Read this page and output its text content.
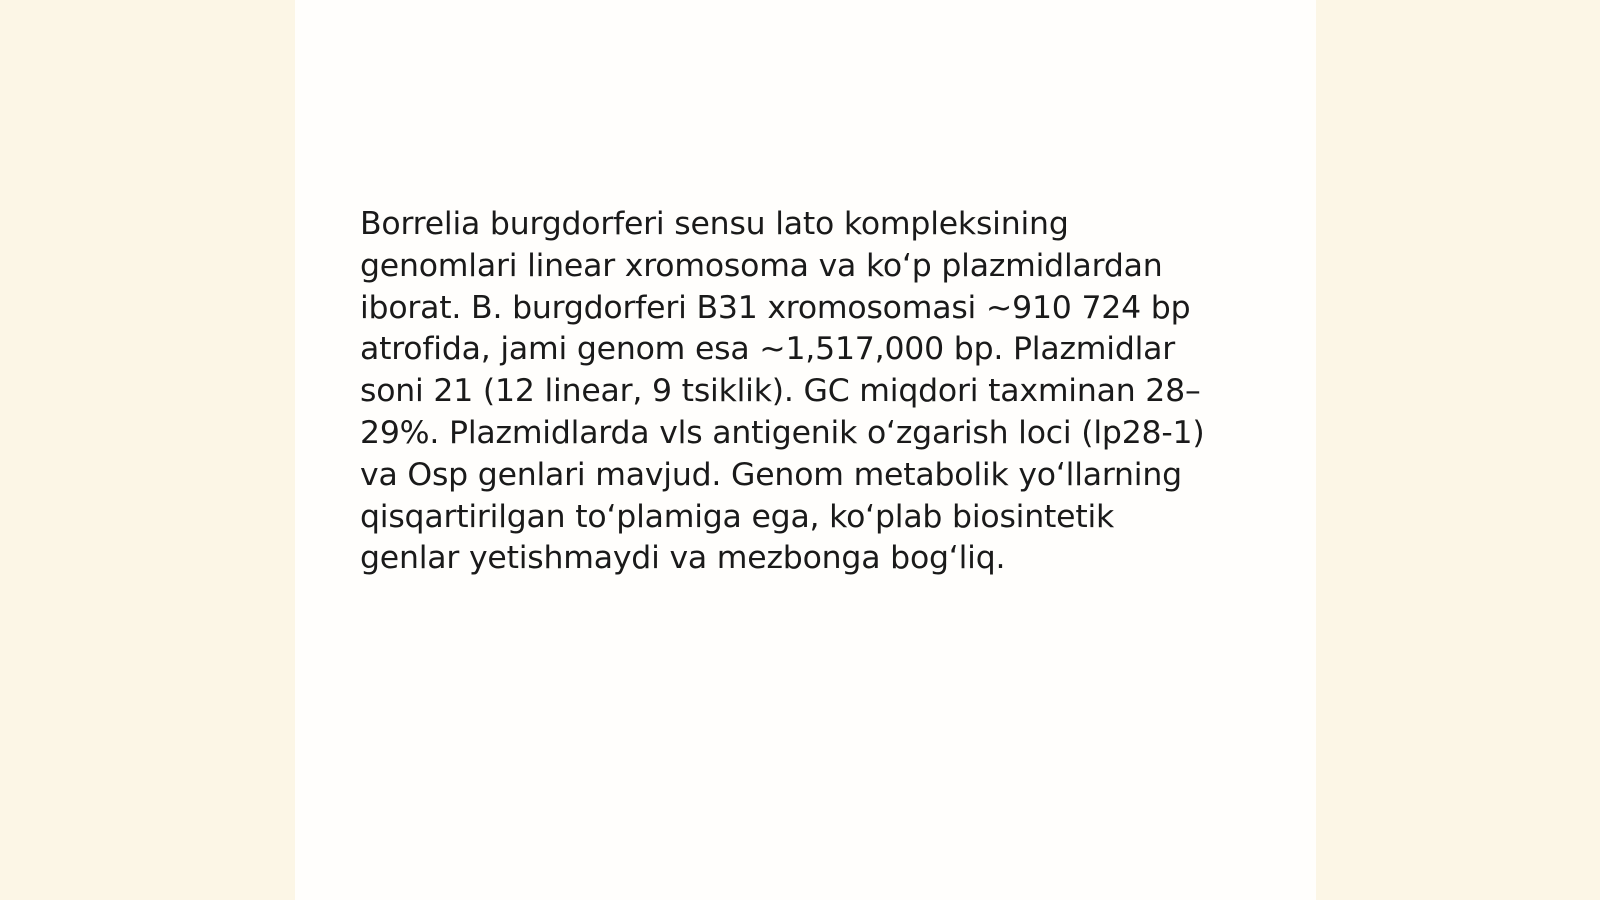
Borrelia burgdorferi sensu lato kompleksining
genomlari linear xromosoma va koʻp plazmidlardan
iborat. B. burgdorferi B31 xromosomasi ~910 724 bp
atrofida, jami genom esa ~1,517,000 bp. Plazmidlar
soni 21 (12 linear, 9 tsiklik). GC miqdori taxminan 28–
29%. Plazmidlarda vls antigenik oʻzgarish loci (lp28-1)
va Osp genlari mavjud. Genom metabolik yoʻllarning
qisqartirilgan toʻplamiga ega, koʻplab biosintetik
genlar yetishmaydi va mezbonga bogʻliq.
